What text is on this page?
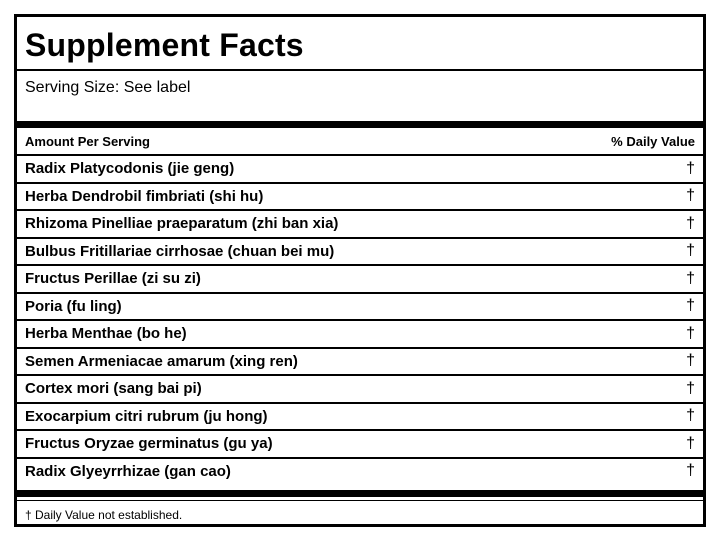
Supplement Facts
Serving Size: See label
Amount Per Serving	% Daily Value
Radix Platycodonis (jie geng)	†
Herba Dendrobil fimbriati (shi hu)	†
Rhizoma Pinelliae praeparatum (zhi ban xia)	†
Bulbus Fritillariae cirrhosae (chuan bei mu)	†
Fructus Perillae (zi su zi)	†
Poria (fu ling)	†
Herba Menthae (bo he)	†
Semen Armeniacae amarum (xing ren)	†
Cortex mori (sang bai pi)	†
Exocarpium citri rubrum (ju hong)	†
Fructus Oryzae germinatus (gu ya)	†
Radix Glyeyrrhizae (gan cao)	†
† Daily Value not established.
